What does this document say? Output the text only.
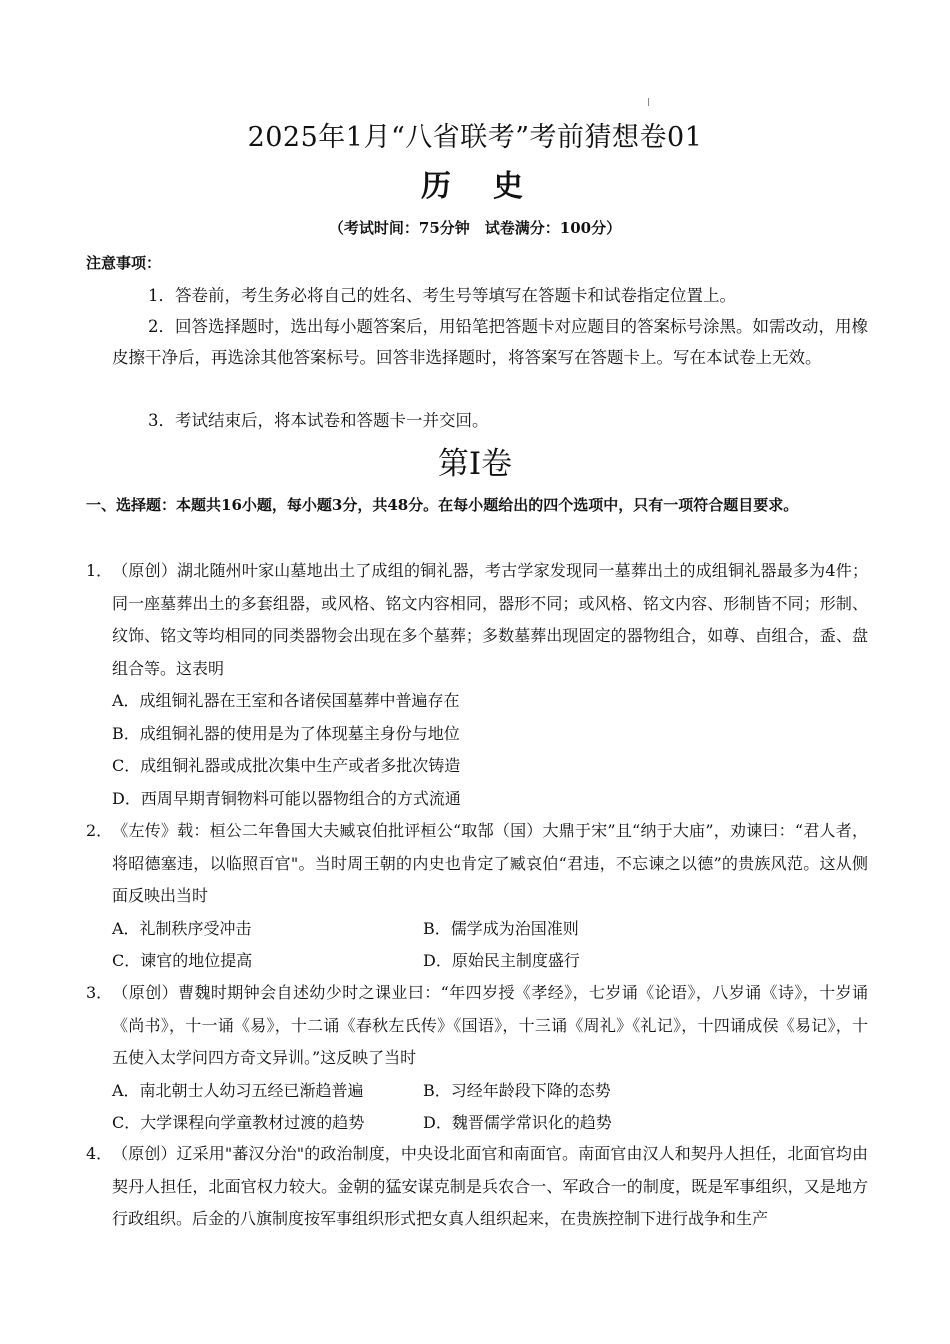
2025年1月“八省联考”考前猜想卷01
历　史
（考试时间：75分钟　试卷满分：100分）
注意事项：
1．答卷前，考生务必将自己的姓名、考生号等填写在答题卡和试卷指定位置上。
2．回答选择题时，选出每小题答案后，用铅笔把答题卡对应题目的答案标号涂黑。如需改动，用橡皮擦干净后，再选涂其他答案标号。回答非选择题时，将答案写在答题卡上。写在本试卷上无效。
3．考试结束后，将本试卷和答题卡一并交回。
第I卷
一、选择题：本题共16小题，每小题3分，共48分。在每小题给出的四个选项中，只有一项符合题目要求。
1．（原创）湖北随州叶家山墓地出土了成组的铜礼器，考古学家发现同一墓葬出土的成组铜礼器最多为4件；同一座墓葬出土的多套组器，或风格、铭文内容相同，器形不同；或风格、铭文内容、形制皆不同；形制、纹饰、铭文等均相同的同类器物会出现在多个墓葬；多数墓葬出现固定的器物组合，如尊、卣组合，盉、盘组合等。这表明
A．成组铜礼器在王室和各诸侯国墓葬中普遍存在
B．成组铜礼器的使用是为了体现墓主身份与地位
C．成组铜礼器或成批次集中生产或者多批次铸造
D．西周早期青铜物料可能以器物组合的方式流通
2．《左传》载：桓公二年鲁国大夫臧哀伯批评桓公“取郜（国）大鼎于宋”且“纳于大庙”，劝谏曰：“君人者，将昭德塞违，以临照百官"。当时周王朝的内史也肯定了臧哀伯“君违，不忘谏之以德”的贵族风范。这从侧面反映出当时
A．礼制秩序受冲击	B．儒学成为治国准则
C．谏官的地位提高	D．原始民主制度盛行
3．（原创）曹魏时期钟会自述幼少时之课业曰：“年四岁授《孝经》，七岁诵《论语》，八岁诵《诗》，十岁诵《尚书》，十一诵《易》，十二诵《春秋左氏传》《国语》，十三诵《周礼》《礼记》，十四诵成侯《易记》，十五使入太学问四方奇文异训。”这反映了当时
A．南北朝士人幼习五经已渐趋普遍	B．习经年龄段下降的态势
C．大学课程向学童教材过渡的趋势	D．魏晋儒学常识化的趋势
4．（原创）辽采用"蕃汉分治"的政治制度，中央设北面官和南面官。南面官由汉人和契丹人担任，北面官均由契丹人担任，北面官权力较大。金朝的猛安谋克制是兵农合一、军政合一的制度，既是军事组织，又是地方行政组织。后金的八旗制度按军事组织形式把女真人组织起来，在贵族控制下进行战争和生产
